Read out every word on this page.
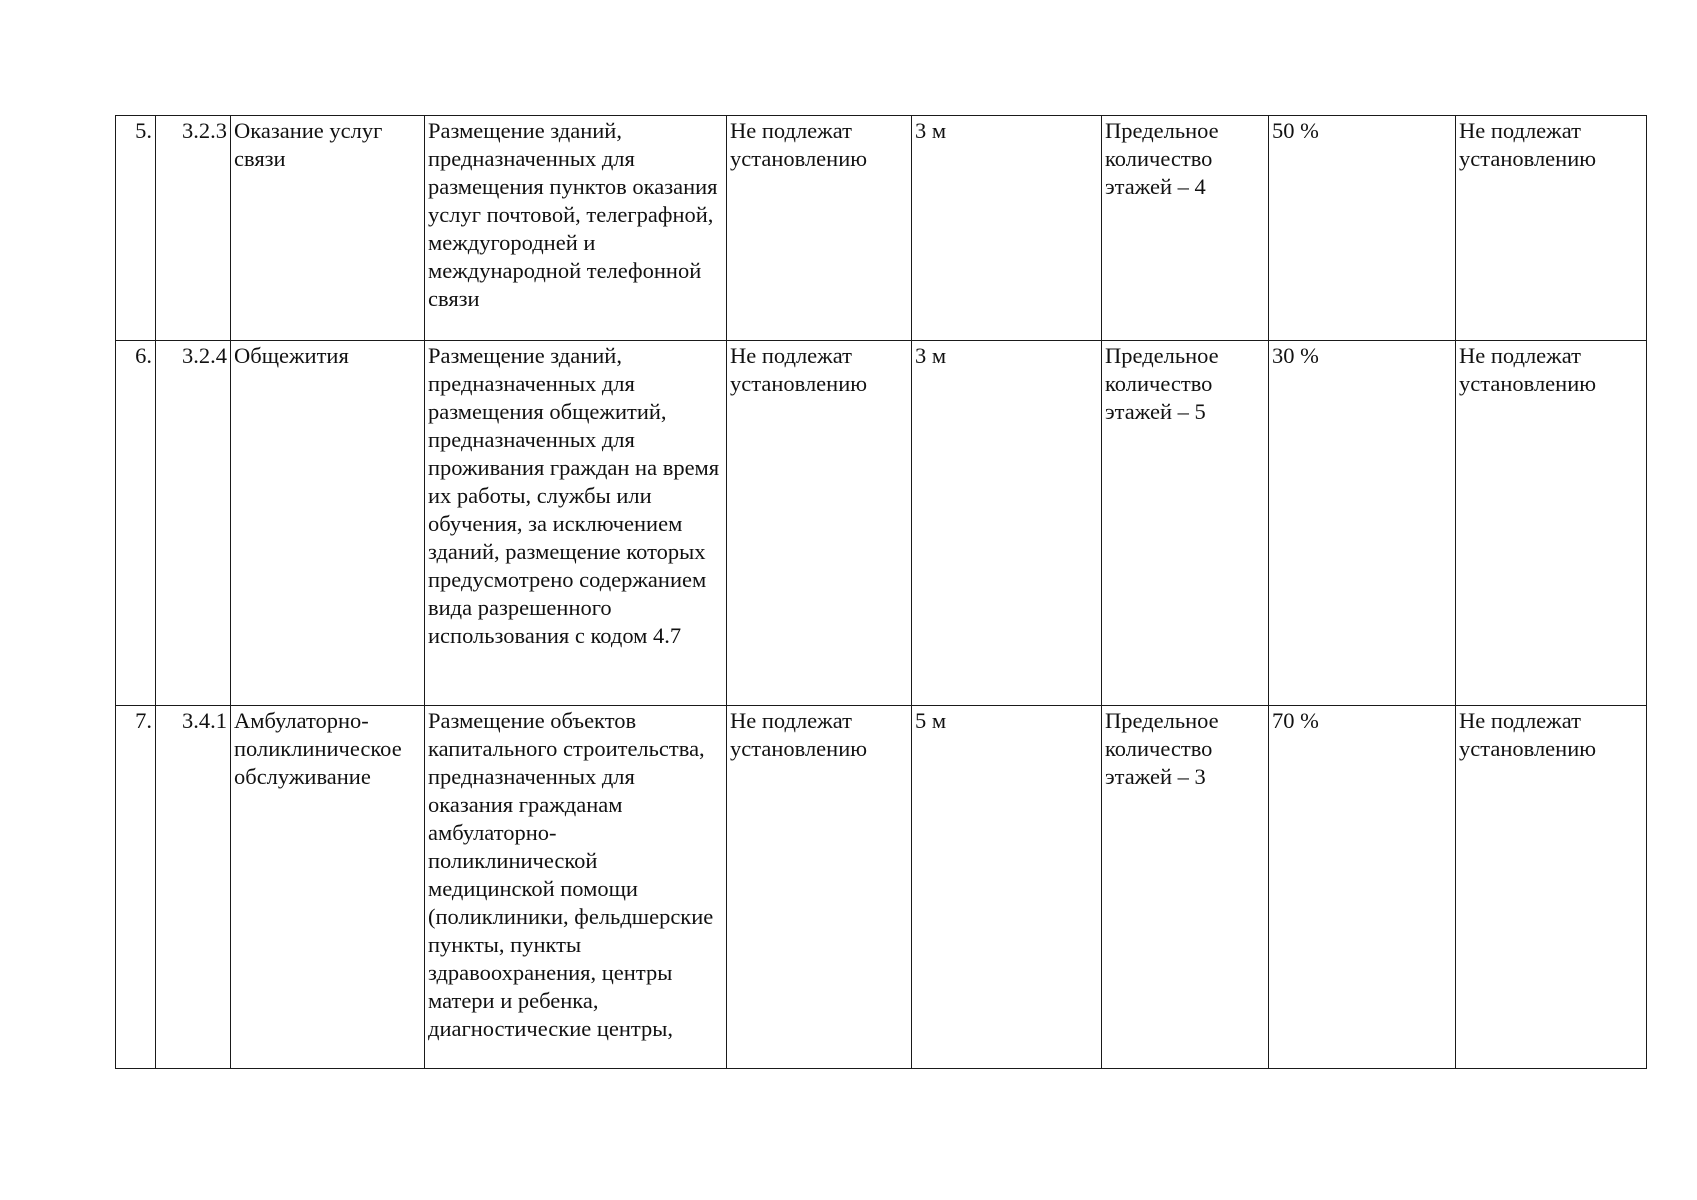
5.	3.2.3	Оказание услуг связи	Размещение зданий, предназначенных для размещения пунктов оказания услуг почтовой, телеграфной, междугородней и международной телефонной связи	Не подлежат установлению	3 м	Предельное количество этажей – 4	50 %	Не подлежат установлению

6.	3.2.4	Общежития	Размещение зданий, предназначенных для размещения общежитий, предназначенных для проживания граждан на время их работы, службы или обучения, за исключением зданий, размещение которых предусмотрено содержанием вида разрешенного использования с кодом 4.7	Не подлежат установлению	3 м	Предельное количество этажей – 5	30 %	Не подлежат установлению

7.	3.4.1	Амбулаторно-поликлиническое обслуживание	Размещение объектов капитального строительства, предназначенных для оказания гражданам амбулаторно-поликлинической медицинской помощи (поликлиники, фельдшерские пункты, пункты здравоохранения, центры матери и ребенка, диагностические центры,	Не подлежат установлению	5 м	Предельное количество этажей – 3	70 %	Не подлежат установлению
